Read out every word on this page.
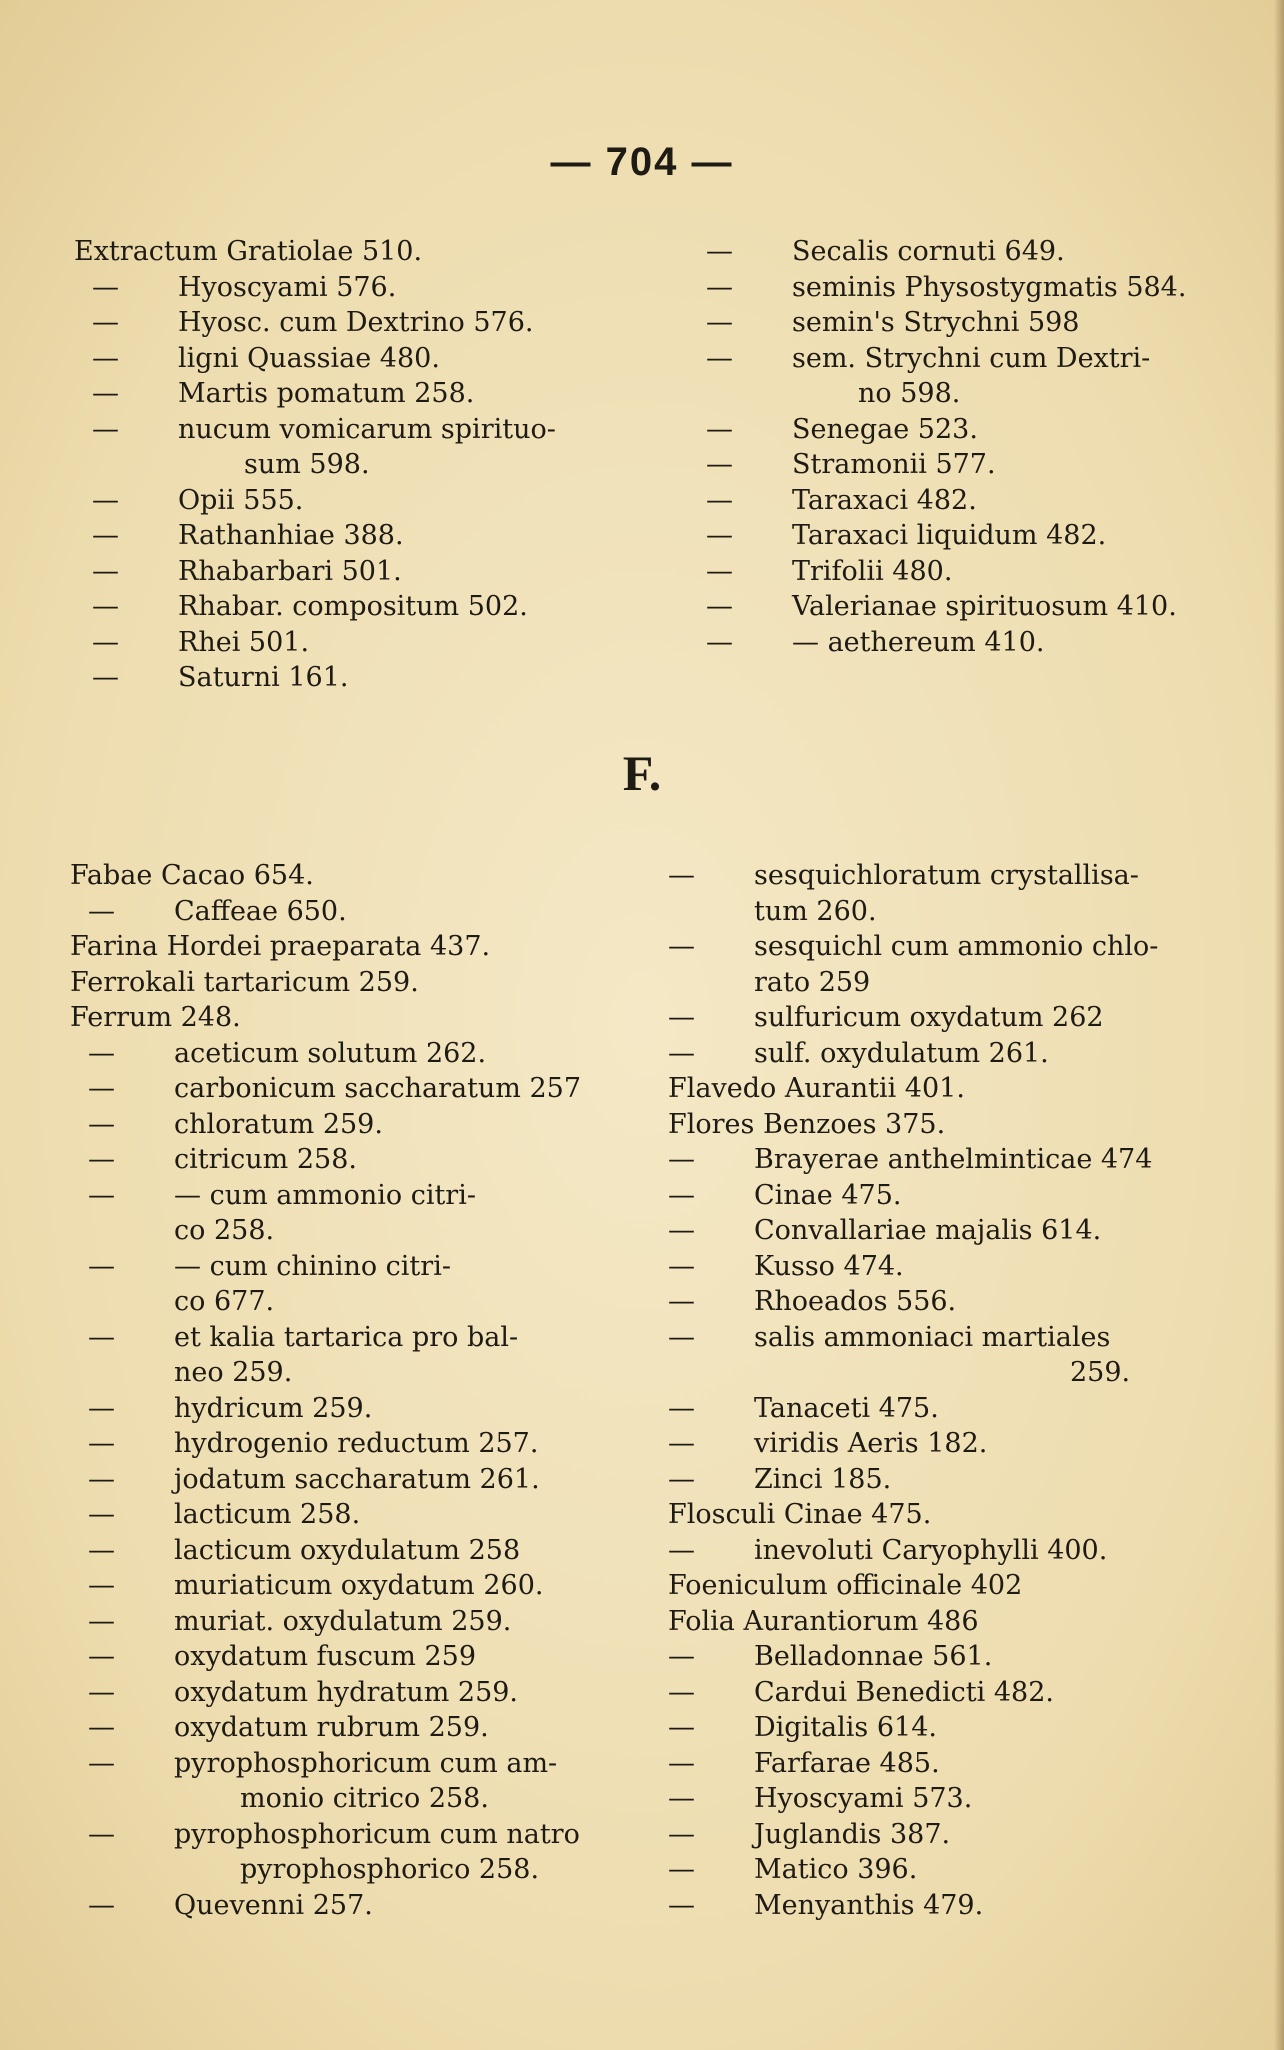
— 704 —
Extractum Gratiolae 510.
— Hyoscyami 576.
— Hyosc. cum Dextrino 576.
— ligni Quassiae 480.
— Martis pomatum 258.
— nucum vomicarum spirituo-
sum 598.
— Opii 555.
— Rathanhiae 388.
— Rhabarbari 501.
— Rhabar. compositum 502.
— Rhei 501.
— Saturni 161.
— Secalis cornuti 649.
— seminis Physostygmatis 584.
— semin's Strychni 598
— sem. Strychni cum Dextri-
no 598.
— Senegae 523.
— Stramonii 577.
— Taraxaci 482.
— Taraxaci liquidum 482.
— Trifolii 480.
— Valerianae spirituosum 410.
— — aethereum 410.
F.
Fabae Cacao 654.
— Caffeae 650.
Farina Hordei praeparata 437.
Ferrokali tartaricum 259.
Ferrum 248.
— aceticum solutum 262.
— carbonicum saccharatum 257
— chloratum 259.
— citricum 258.
— — cum ammonio citri-
co 258.
— — cum chinino citri-
co 677.
— et kalia tartarica pro bal-
neo 259.
— hydricum 259.
— hydrogenio reductum 257.
— jodatum saccharatum 261.
— lacticum 258.
— lacticum oxydulatum 258
— muriaticum oxydatum 260.
— muriat. oxydulatum 259.
— oxydatum fuscum 259
— oxydatum hydratum 259.
— oxydatum rubrum 259.
— pyrophosphoricum cum am-
monio citrico 258.
— pyrophosphoricum cum natro
pyrophosphorico 258.
— Quevenni 257.
— sesquichloratum crystallisa-
tum 260.
— sesquichl cum ammonio chlo-
rato 259
— sulfuricum oxydatum 262
— sulf. oxydulatum 261.
Flavedo Aurantii 401.
Flores Benzoes 375.
— Brayerae anthelminticae 474
— Cinae 475.
— Convallariae majalis 614.
— Kusso 474.
— Rhoeados 556.
— salis ammoniaci martiales
259.
— Tanaceti 475.
— viridis Aeris 182.
— Zinci 185.
Flosculi Cinae 475.
— inevoluti Caryophylli 400.
Foeniculum officinale 402
Folia Aurantiorum 486
— Belladonnae 561.
— Cardui Benedicti 482.
— Digitalis 614.
— Farfarae 485.
— Hyoscyami 573.
— Juglandis 387.
— Matico 396.
— Menyanthis 479.
